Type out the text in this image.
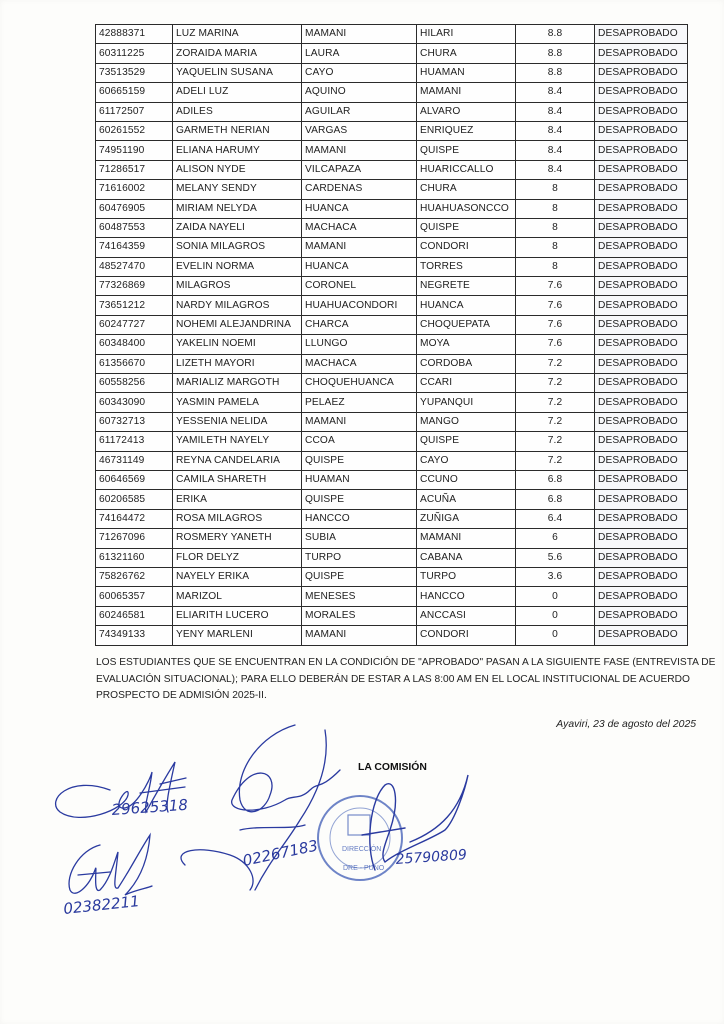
42888371	LUZ MARINA	MAMANI	HILARI	8.8	DESAPROBADO
60311225	ZORAIDA MARIA	LAURA	CHURA	8.8	DESAPROBADO
73513529	YAQUELIN SUSANA	CAYO	HUAMAN	8.8	DESAPROBADO
60665159	ADELI LUZ	AQUINO	MAMANI	8.4	DESAPROBADO
61172507	ADILES	AGUILAR	ALVARO	8.4	DESAPROBADO
60261552	GARMETH NERIAN	VARGAS	ENRIQUEZ	8.4	DESAPROBADO
74951190	ELIANA HARUMY	MAMANI	QUISPE	8.4	DESAPROBADO
71286517	ALISON NYDE	VILCAPAZA	HUARICCALLO	8.4	DESAPROBADO
71616002	MELANY SENDY	CARDENAS	CHURA	8	DESAPROBADO
60476905	MIRIAM NELYDA	HUANCA	HUAHUASONCCO	8	DESAPROBADO
60487553	ZAIDA NAYELI	MACHACA	QUISPE	8	DESAPROBADO
74164359	SONIA MILAGROS	MAMANI	CONDORI	8	DESAPROBADO
48527470	EVELIN NORMA	HUANCA	TORRES	8	DESAPROBADO
77326869	MILAGROS	CORONEL	NEGRETE	7.6	DESAPROBADO
73651212	NARDY MILAGROS	HUAHUACONDORI	HUANCA	7.6	DESAPROBADO
60247727	NOHEMI ALEJANDRINA	CHARCA	CHOQUEPATA	7.6	DESAPROBADO
60348400	YAKELIN NOEMI	LLUNGO	MOYA	7.6	DESAPROBADO
61356670	LIZETH MAYORI	MACHACA	CORDOBA	7.2	DESAPROBADO
60558256	MARIALIZ MARGOTH	CHOQUEHUANCA	CCARI	7.2	DESAPROBADO
60343090	YASMIN PAMELA	PELAEZ	YUPANQUI	7.2	DESAPROBADO
60732713	YESSENIA NELIDA	MAMANI	MANGO	7.2	DESAPROBADO
61172413	YAMILETH NAYELY	CCOA	QUISPE	7.2	DESAPROBADO
46731149	REYNA CANDELARIA	QUISPE	CAYO	7.2	DESAPROBADO
60646569	CAMILA SHARETH	HUAMAN	CCUNO	6.8	DESAPROBADO
60206585	ERIKA	QUISPE	ACUÑA	6.8	DESAPROBADO
74164472	ROSA MILAGROS	HANCCO	ZUÑIGA	6.4	DESAPROBADO
71267096	ROSMERY YANETH	SUBIA	MAMANI	6	DESAPROBADO
61321160	FLOR DELYZ	TURPO	CABANA	5.6	DESAPROBADO
75826762	NAYELY ERIKA	QUISPE	TURPO	3.6	DESAPROBADO
60065357	MARIZOL	MENESES	HANCCO	0	DESAPROBADO
60246581	ELIARITH LUCERO	MORALES	ANCCASI	0	DESAPROBADO
74349133	YENY MARLENI	MAMANI	CONDORI	0	DESAPROBADO
LOS ESTUDIANTES QUE SE ENCUENTRAN EN LA CONDICIÓN DE "APROBADO" PASAN A LA SIGUIENTE FASE (ENTREVISTA DE EVALUACIÓN SITUACIONAL); PARA ELLO DEBERÁN DE ESTAR A LAS 8:00 AM EN EL LOCAL INSTITUCIONAL DE ACUERDO PROSPECTO DE ADMISIÓN 2025-II.
Ayaviri, 23 de agosto del 2025
LA COMISIÓN
29625318
02267183
02382211
DIRECCIÓN
DRE - PUNO
25790809
